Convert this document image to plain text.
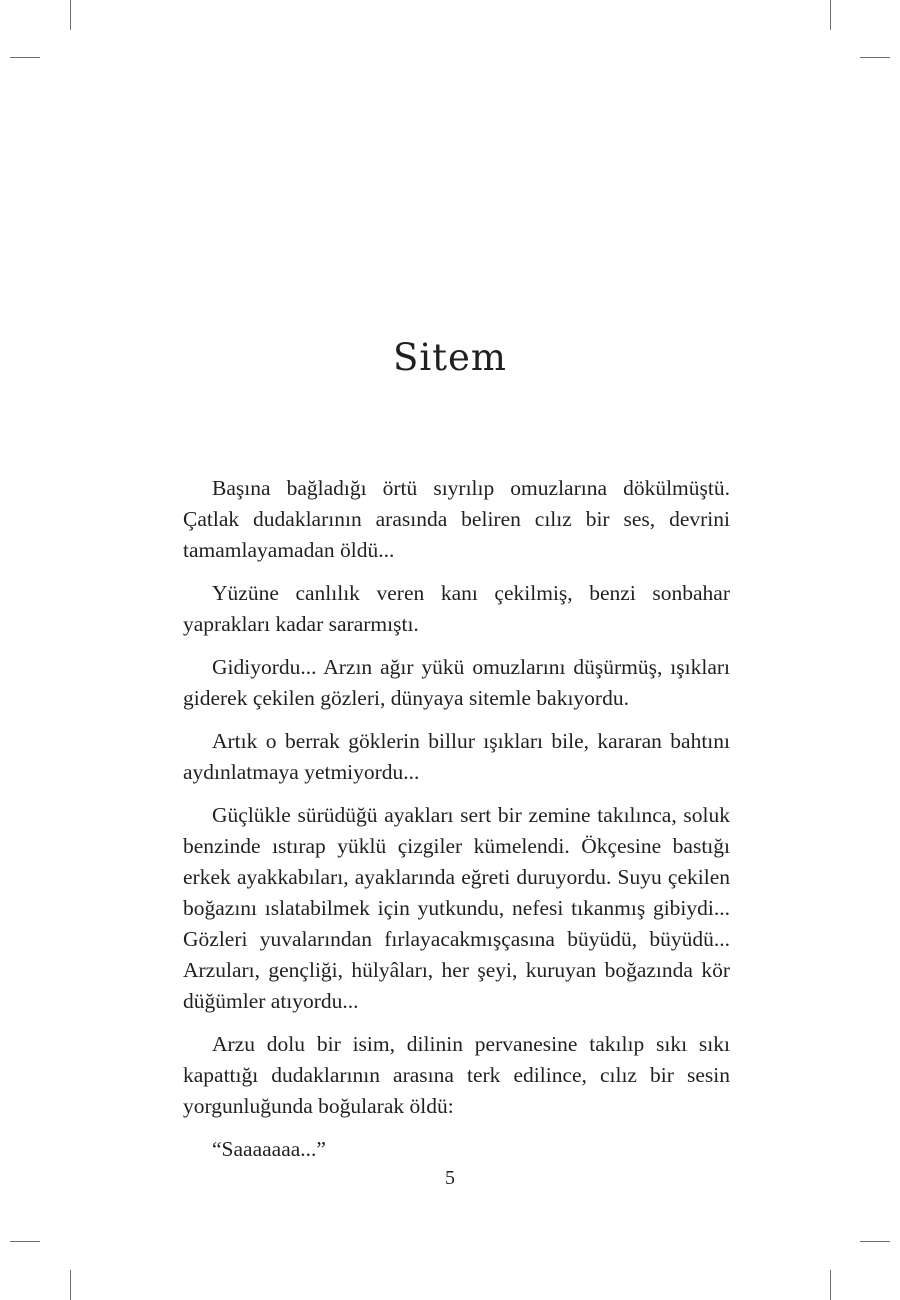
Sitem

Başına bağladığı örtü sıyrılıp omuzlarına dökülmüştü. Çatlak dudaklarının arasında beliren cılız bir ses, devrini tamamlayamadan öldü...

Yüzüne canlılık veren kanı çekilmiş, benzi sonbahar yaprakları kadar sararmıştı.

Gidiyordu... Arzın ağır yükü omuzlarını düşürmüş, ışıkları giderek çekilen gözleri, dünyaya sitemle bakıyordu.

Artık o berrak göklerin billur ışıkları bile, kararan bahtını aydınlatmaya yetmiyordu...

Güçlükle sürüdüğü ayakları sert bir zemine takılınca, soluk benzinde ıstırap yüklü çizgiler kümelendi. Ökçesine bastığı erkek ayakkabıları, ayaklarında eğreti duruyordu. Suyu çekilen boğazını ıslatabilmek için yutkundu, nefesi tıkanmış gibiydi... Gözleri yuvalarından fırlayacakmışçasına büyüdü, büyüdü... Arzuları, gençliği, hülyâları, her şeyi, kuruyan boğazında kör düğümler atıyordu...

Arzu dolu bir isim, dilinin pervanesine takılıp sıkı sıkı kapattığı dudaklarının arasına terk edilince, cılız bir sesin yorgunluğunda boğularak öldü:

“Saaaaaaa...”

5
